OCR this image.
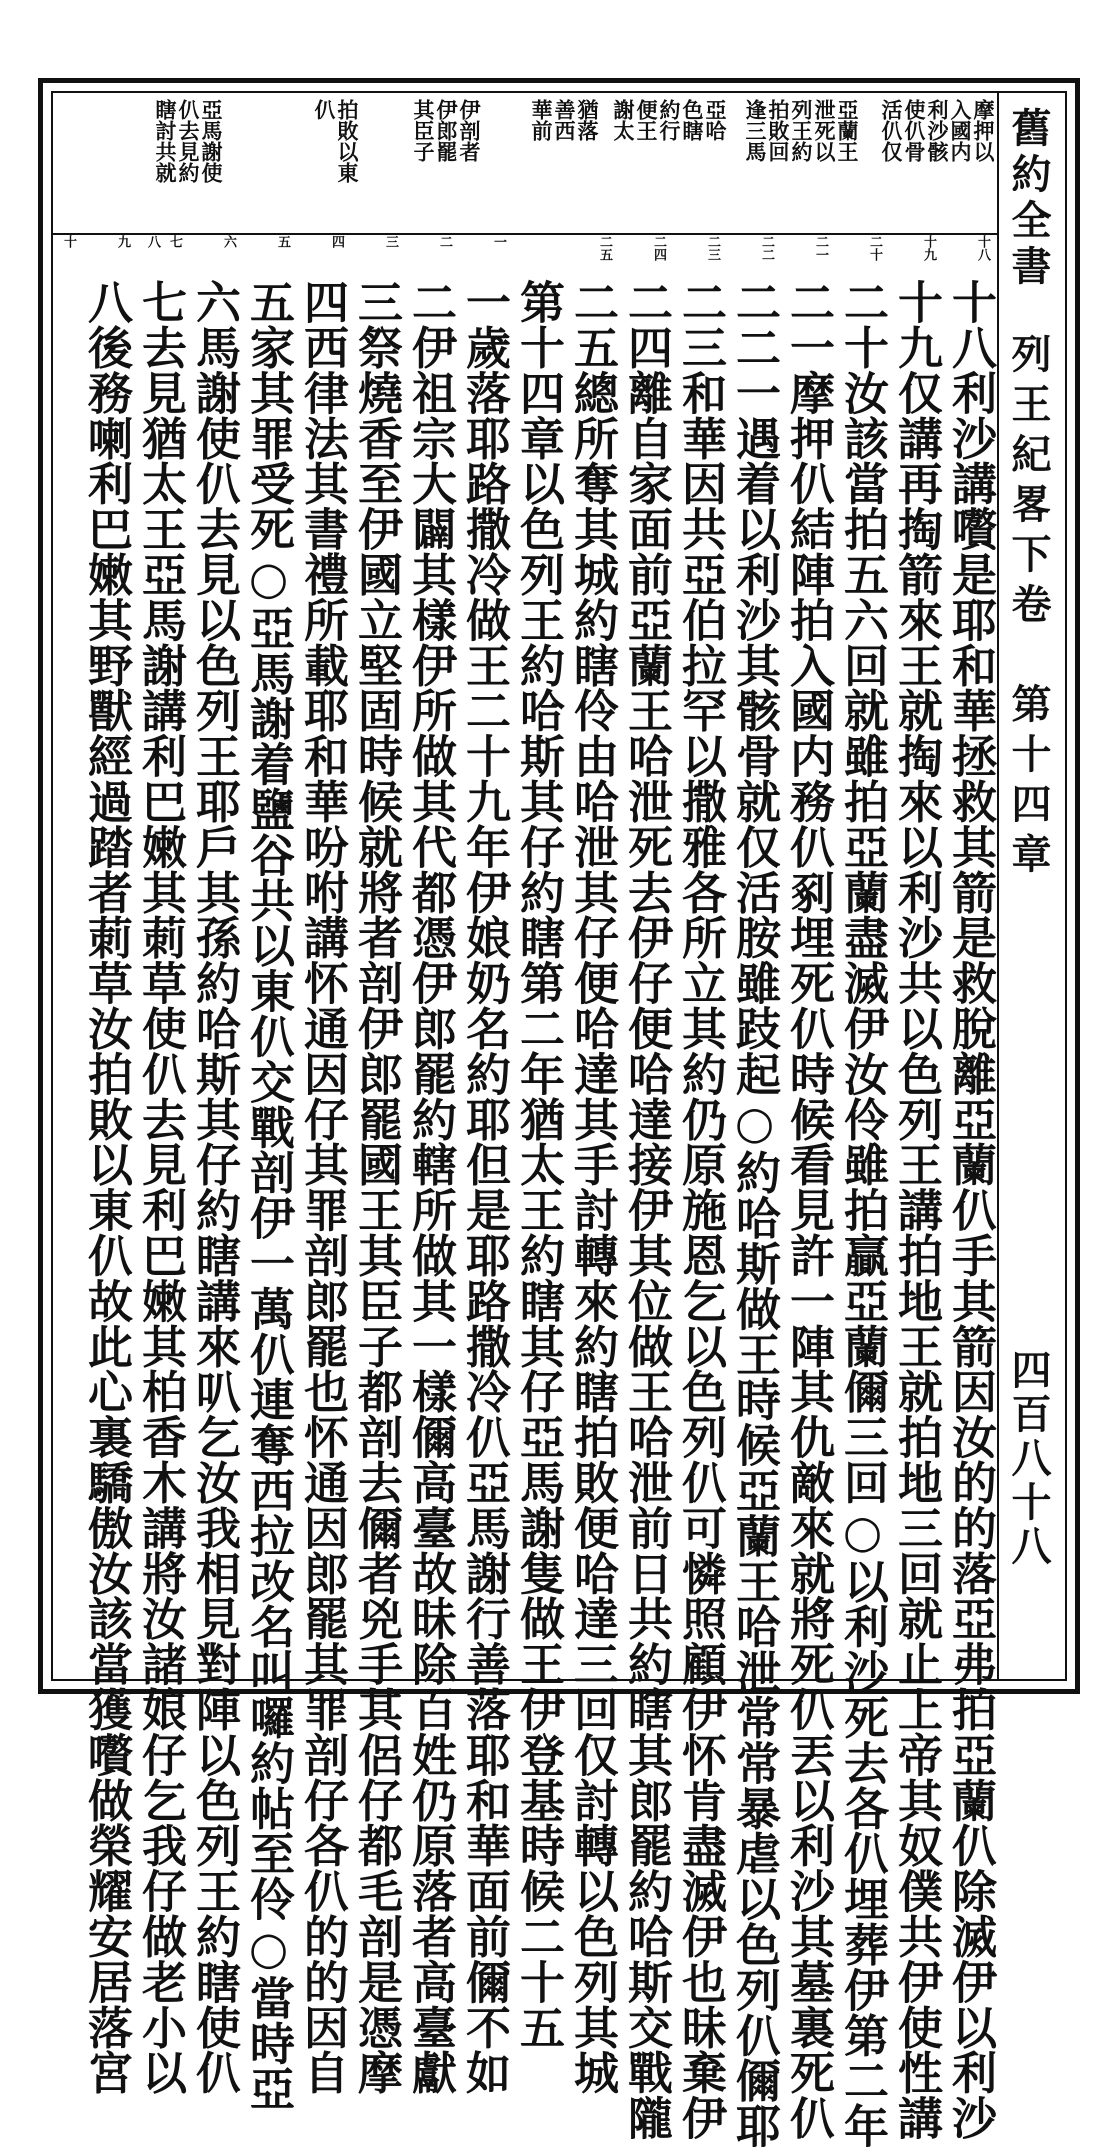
舊約全書
列王紀畧下卷　第十四章
四百八十八
摩押以
入國内
利沙骸
使仈骨
活仈仅
亞蘭王
泄死以
列王約
拍敗回
逢三馬
亞哈
色瞎
約行
便王
謝太
猶落
善西
華前
伊剖者
伊郎罷
其臣子
拍敗以東
仈
亞馬謝使
仈去見約
瞎討共就
十八
十九
二十
二一
二二
二三
二四
二五
一
二
三
四
五
六
七
八
九
十
十八利沙講嚽是耶和華拯救其箭是救脫離亞蘭仈手其箭因汝的的落亞弗拍亞蘭仈除滅伊以利沙
十九仅講再掏箭來王就掏來以利沙共以色列王講拍地王就拍地三回就止上帝其奴僕共伊使性講
二十汝該當拍五六回就雖拍亞蘭盡滅伊汝伶雖拍贏亞蘭儞三回○以利沙死去各仈埋葬伊第二年
二一摩押仈結陣拍入國内務仈剢埋死仈時候看見許一陣其仇敵來就將死仈丟以利沙其墓裏死仈
二二一遇着以利沙其骸骨就仅活胺雖跂起○約哈斯做王時候亞蘭王哈泄常常暴虐以色列仈儞耶
二三和華因共亞伯拉罕以撒雅各所立其約仍原施恩乞以色列仈可憐照顧伊怀肯盡滅伊也昧棄伊
二四離自家面前亞蘭王哈泄死去伊仔便哈達接伊其位做王哈泄前日共約瞎其郎罷約哈斯交戰隴
二五總所奪其城約瞎伶由哈泄其仔便哈達其手討轉來約瞎拍敗便哈達三回仅討轉以色列其城
第十四章以色列王約哈斯其仔約瞎第二年猶太王約瞎其仔亞馬謝隻做王伊登基時候二十五
一歲落耶路撒冷做王二十九年伊娘奶名約耶但是耶路撒冷仈亞馬謝行善落耶和華面前儞不如
二伊祖宗大闢其樣伊所做其代都憑伊郎罷約轄所做其一樣儞高臺故昧除百姓仍原落者高臺獻
三祭燒香至伊國立堅固時候就將者剖伊郎罷國王其臣子都剖去儞者兇手其侶仔都毛剖是憑摩
四西律法其書禮所載耶和華吩咐講怀通因仔其罪剖郎罷也怀通因郎罷其罪剖仔各仈的的因自
五家其罪受死○亞馬謝着鹽谷共以東仈交戰剖伊一萬仈連奪西拉改名叫囉約帖至伶○當時亞
六馬謝使仈去見以色列王耶戶其孫約哈斯其仔約瞎講來叭乞汝我相見對陣以色列王約瞎使仈
七去見猶太王亞馬謝講利巴嫩其莿草使仈去見利巴嫩其柏香木講將汝諸娘仔乞我仔做老小以
八後務喇利巴嫩其野獸經過踏者莿草汝拍敗以東仈故此心裏驕傲汝該當獲嚽做榮耀安居落宮
